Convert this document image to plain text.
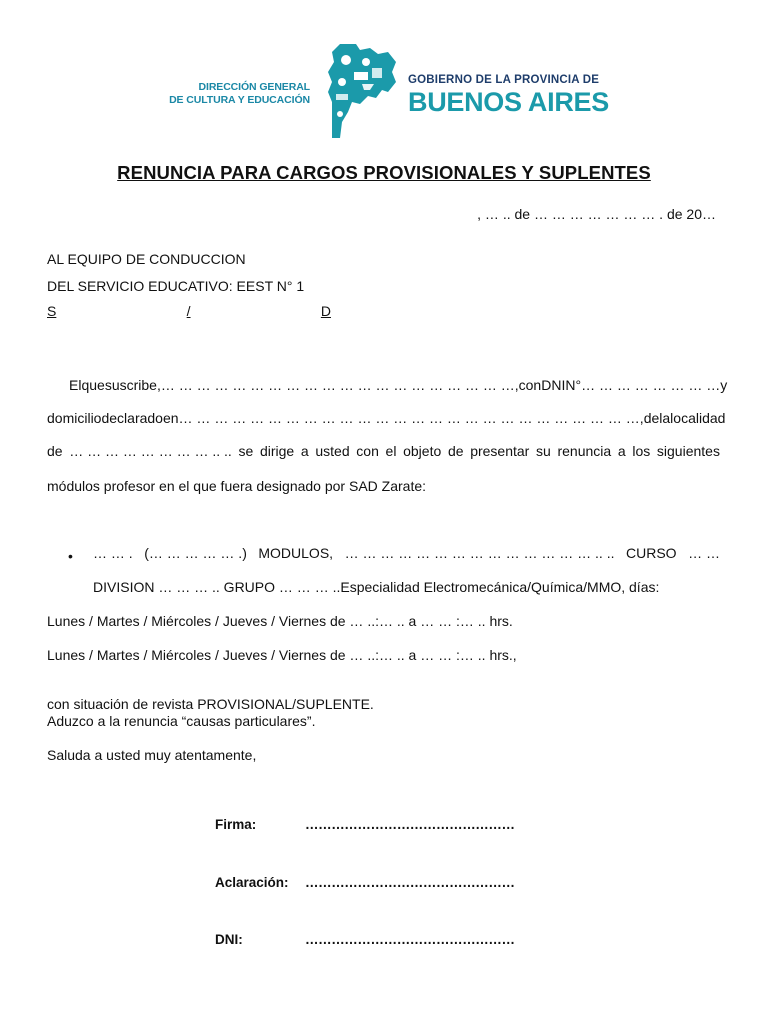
DIRECCIÓN GENERAL
DE CULTURA Y EDUCACIÓN
GOBIERNO DE LA PROVINCIA DE
BUENOS AIRES
RENUNCIA PARA CARGOS PROVISIONALES Y SUPLENTES
, … .. de … … … … … … … . de 20…
AL EQUIPO DE CONDUCCION
DEL SERVICIO EDUCATIVO: EEST N° 1
S	/	D
El que suscribe, … … … … … … … … … … … … … … … … … … … … , con DNI N° … … … … … … … … y
domicilio declarado en … … … … … … … … … … … … … … … … … … … … … … … … … … , de la localidad
de … … … … … … … … .. .. se dirige a usted con el objeto de presentar su renuncia a los siguientes
módulos profesor en el que fuera designado por SAD Zarate:
•	… … . (… … … … … .) MODULOS, … … … … … … … … … … … … … … .. .. CURSO … …
DIVISION … … … .. GRUPO … … … ..Especialidad Electromecánica/Química/MMO, días:
Lunes / Martes / Miércoles / Jueves / Viernes de … ..:… .. a … … :… .. hrs.
Lunes / Martes / Miércoles / Jueves / Viernes de … ..:… .. a … … :… .. hrs.,
con situación de revista PROVISIONAL/SUPLENTE.
Aduzco a la renuncia “causas particulares”.
Saluda a usted muy atentamente,
Firma:	…………………………………………
Aclaración: …………………………………………
DNI:	…………………………………………
